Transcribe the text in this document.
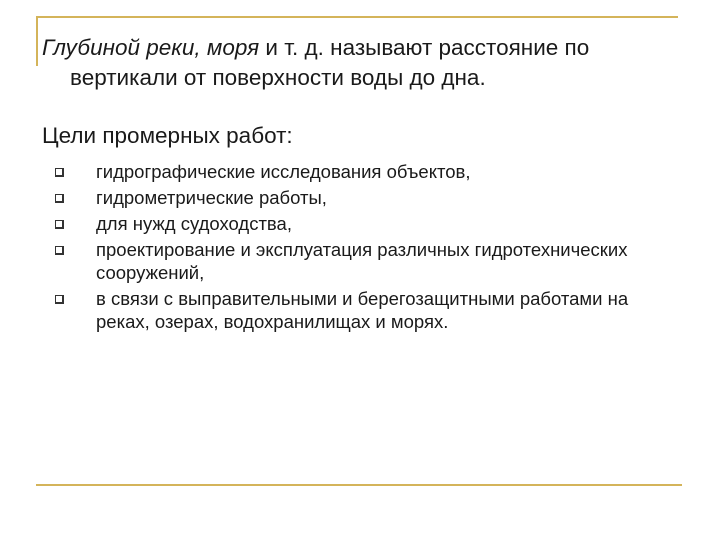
Глубиной реки, моря и т. д. называют расстояние по вертикали от поверхности воды до дна.

Цели промерных работ:

гидрографические исследования объектов,
гидрометрические работы,
для нужд судоходства,
проектирование и эксплуатация различных гидротехнических сооружений,
в связи с выправительными и берегозащитными работами на реках, озерах, водохранилищах и морях.
